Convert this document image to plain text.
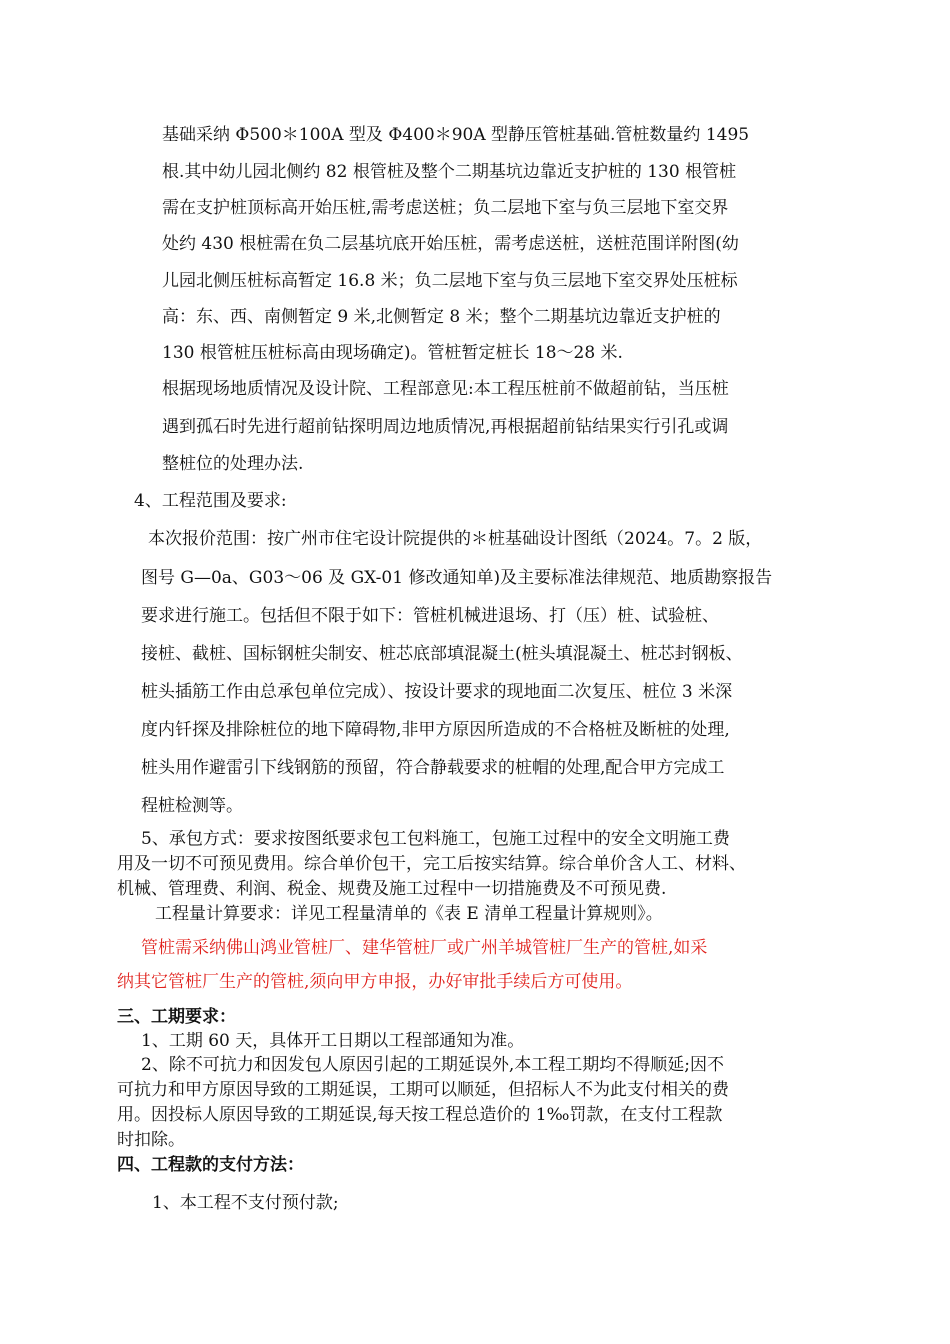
基础采纳 Φ500＊100A 型及 Φ400＊90A 型静压管桩基础.管桩数量约 1495
根.其中幼儿园北侧约 82 根管桩及整个二期基坑边靠近支护桩的 130 根管桩
需在支护桩顶标高开始压桩,需考虑送桩；负二层地下室与负三层地下室交界
处约 430 根桩需在负二层基坑底开始压桩，需考虑送桩，送桩范围详附图(幼
儿园北侧压桩标高暂定 16.8 米；负二层地下室与负三层地下室交界处压桩标
高：东、西、南侧暂定 9 米,北侧暂定 8 米；整个二期基坑边靠近支护桩的
130 根管桩压桩标高由现场确定)。管桩暂定桩长 18～28 米.
根据现场地质情况及设计院、工程部意见:本工程压桩前不做超前钻，当压桩
遇到孤石时先进行超前钻探明周边地质情况,再根据超前钻结果实行引孔或调
整桩位的处理办法.
4、工程范围及要求:
本次报价范围：按广州市住宅设计院提供的＊桩基础设计图纸（2024。7。2 版，
图号 G—0a、G03～06 及 GX-01 修改通知单)及主要标准法律规范、地质勘察报告
要求进行施工。包括但不限于如下：管桩机械进退场、打（压）桩、试验桩、
接桩、截桩、国标钢桩尖制安、桩芯底部填混凝土(桩头填混凝土、桩芯封钢板、
桩头插筋工作由总承包单位完成）、按设计要求的现地面二次复压、桩位 3 米深
度内钎探及排除桩位的地下障碍物,非甲方原因所造成的不合格桩及断桩的处理,
桩头用作避雷引下线钢筋的预留，符合静载要求的桩帽的处理,配合甲方完成工
程桩检测等。
5、承包方式：要求按图纸要求包工包料施工，包施工过程中的安全文明施工费
用及一切不可预见费用。综合单价包干，完工后按实结算。综合单价含人工、材料、
机械、管理费、利润、税金、规费及施工过程中一切措施费及不可预见费.
工程量计算要求：详见工程量清单的《表 E 清单工程量计算规则》。
管桩需采纳佛山鸿业管桩厂、建华管桩厂或广州羊城管桩厂生产的管桩,如采
纳其它管桩厂生产的管桩,须向甲方申报，办好审批手续后方可使用。
三、工期要求：
1、工期 60 天，具体开工日期以工程部通知为准。
2、除不可抗力和因发包人原因引起的工期延误外,本工程工期均不得顺延;因不
可抗力和甲方原因导致的工期延误，工期可以顺延，但招标人不为此支付相关的费
用。因投标人原因导致的工期延误,每天按工程总造价的 1‰罚款，在支付工程款
时扣除。
四、工程款的支付方法：
1、本工程不支付预付款;
